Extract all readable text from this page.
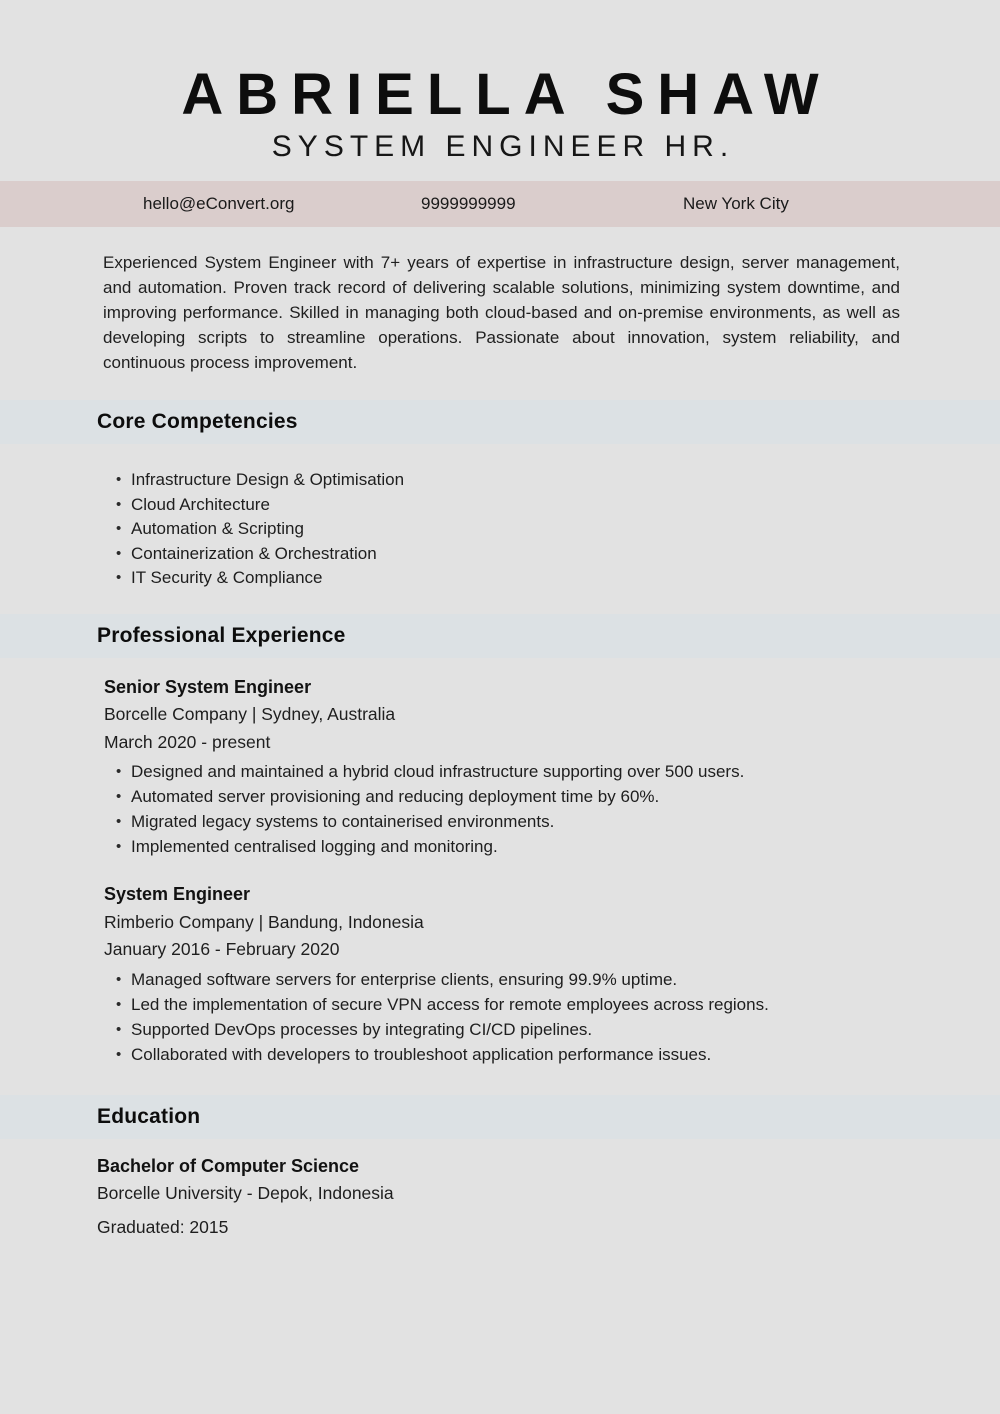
ABRIELLA SHAW
SYSTEM ENGINEER HR.
hello@eConvert.org	9999999999	New York City

Experienced System Engineer with 7+ years of expertise in infrastructure design, server management, and automation. Proven track record of delivering scalable solutions, minimizing system downtime, and improving performance. Skilled in managing both cloud-based and on-premise environments, as well as developing scripts to streamline operations. Passionate about innovation, system reliability, and continuous process improvement.

Core Competencies
• Infrastructure Design & Optimisation
• Cloud Architecture
• Automation & Scripting
• Containerization & Orchestration
• IT Security & Compliance
Professional Experience
Senior System Engineer
Borcelle Company | Sydney, Australia
March 2020 - present
• Designed and maintained a hybrid cloud infrastructure supporting over 500 users.
• Automated server provisioning and reducing deployment time by 60%.
• Migrated legacy systems to containerised environments.
• Implemented centralised logging and monitoring.
System Engineer
Rimberio Company | Bandung, Indonesia
January 2016 - February 2020
• Managed software servers for enterprise clients, ensuring 99.9% uptime.
• Led the implementation of secure VPN access for remote employees across regions.
• Supported DevOps processes by integrating CI/CD pipelines.
• Collaborated with developers to troubleshoot application performance issues.
Education
Bachelor of Computer Science
Borcelle University - Depok, Indonesia
Graduated: 2015
